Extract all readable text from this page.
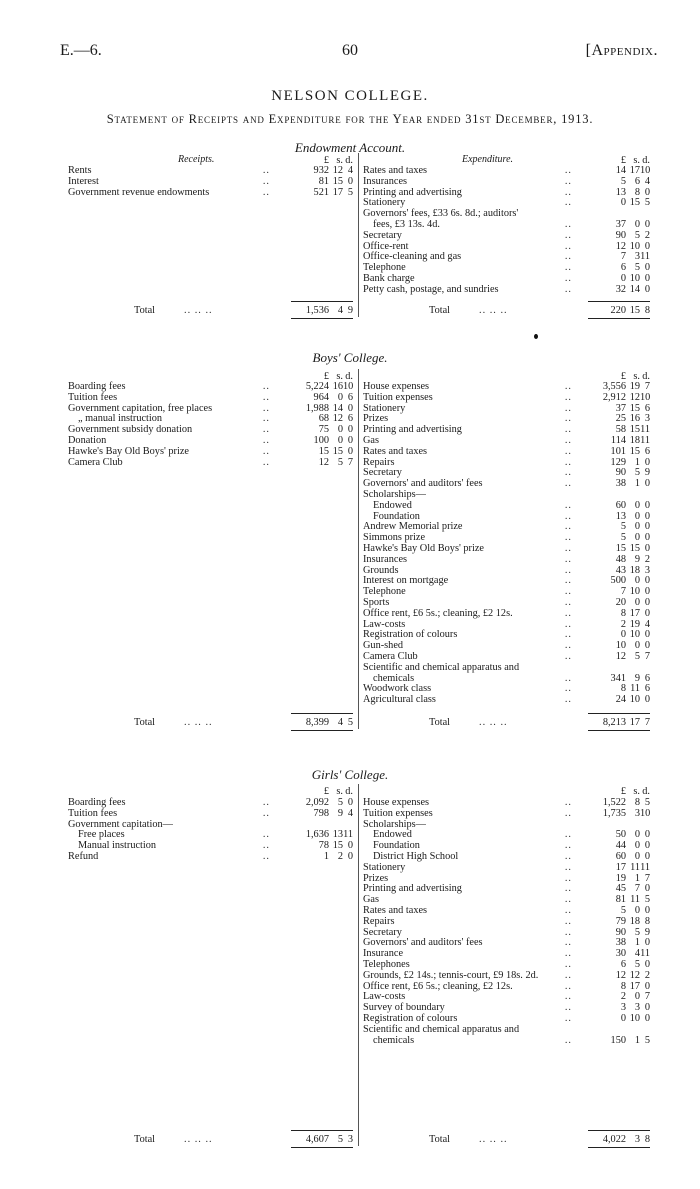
E.—6.	60	[Appendix.
NELSON COLLEGE.
Statement of Receipts and Expenditure for the Year ended 31st December, 1913.
Endowment Account.
Receipts.	Expenditure.
£ s. d.	£ s. d.
Rents	..	932 12 4
Interest	..	81 15 0
Government revenue endowments	..	521 17 5
Rates and taxes	..	14 17 10
Insurances	..	5 6 4
Printing and advertising	..	13 8 0
Stationery	..	0 15 5
Governors' fees, £33 6s. 8d.; auditors'
fees, £3 13s. 4d.	..	37 0 0
Secretary	..	90 5 2
Office-rent	..	12 10 0
Office-cleaning and gas	..	7 3 11
Telephone	..	6 5 0
Bank charge	..	0 10 0
Petty cash, postage, and sundries	..	32 14 0
Total	.. .. ..	1,536 4 9	Total	.. .. ..	220 15 8
Boys' College.
£ s. d.	£ s. d.
Boarding fees	..	5,224 16 10
Tuition fees	..	964 0 6
Government capitation, free places	..	1,988 14 0
„ manual instruction	..	68 12 6
Government subsidy donation	..	75 0 0
Donation	..	100 0 0
Hawke's Bay Old Boys' prize	..	15 15 0
Camera Club	..	12 5 7
House expenses	..	3,556 19 7
Tuition expenses	..	2,912 12 10
Stationery	..	37 15 6
Prizes	..	25 16 3
Printing and advertising	..	58 15 11
Gas	..	114 18 11
Rates and taxes	..	101 15 6
Repairs	..	129 1 0
Secretary	..	90 5 9
Governors' and auditors' fees	..	38 1 0
Scholarships—
Endowed	..	60 0 0
Foundation	..	13 0 0
Andrew Memorial prize	..	5 0 0
Simmons prize	..	5 0 0
Hawke's Bay Old Boys' prize	..	15 15 0
Insurances	..	48 9 2
Grounds	..	43 18 3
Interest on mortgage	..	500 0 0
Telephone	..	7 10 0
Sports	..	20 0 0
Office rent, £6 5s.; cleaning, £2 12s.	..	8 17 0
Law-costs	..	2 19 4
Registration of colours	..	0 10 0
Gun-shed	..	10 0 0
Camera Club	..	12 5 7
Scientific and chemical apparatus and
chemicals	..	341 9 6
Woodwork class	..	8 11 6
Agricultural class	..	24 10 0
Total	.. .. ..	8,399 4 5	Total	.. .. ..	8,213 17 7
Girls' College.
£ s. d.	£ s. d.
Boarding fees	..	2,092 5 0
Tuition fees	..	798 9 4
Government capitation—
Free places	..	1,636 13 11
Manual instruction	..	78 15 0
Refund	..	1 2 0
House expenses	..	1,522 8 5
Tuition expenses	..	1,735 3 10
Scholarships—
Endowed	..	50 0 0
Foundation	..	44 0 0
District High School	..	60 0 0
Stationery	..	17 11 11
Prizes	..	19 1 7
Printing and advertising	..	45 7 0
Gas	..	81 11 5
Rates and taxes	..	5 0 0
Repairs	..	79 18 8
Secretary	..	90 5 9
Governors' and auditors' fees	..	38 1 0
Insurance	..	30 4 11
Telephones	..	6 5 0
Grounds, £2 14s.; tennis-court, £9 18s. 2d.	..	12 12 2
Office rent, £6 5s.; cleaning, £2 12s.	..	8 17 0
Law-costs	..	2 0 7
Survey of boundary	..	3 3 0
Registration of colours	..	0 10 0
Scientific and chemical apparatus and
chemicals	..	150 1 5
Total	.. .. ..	4,607 5 3	Total	.. .. ..	4,022 3 8
